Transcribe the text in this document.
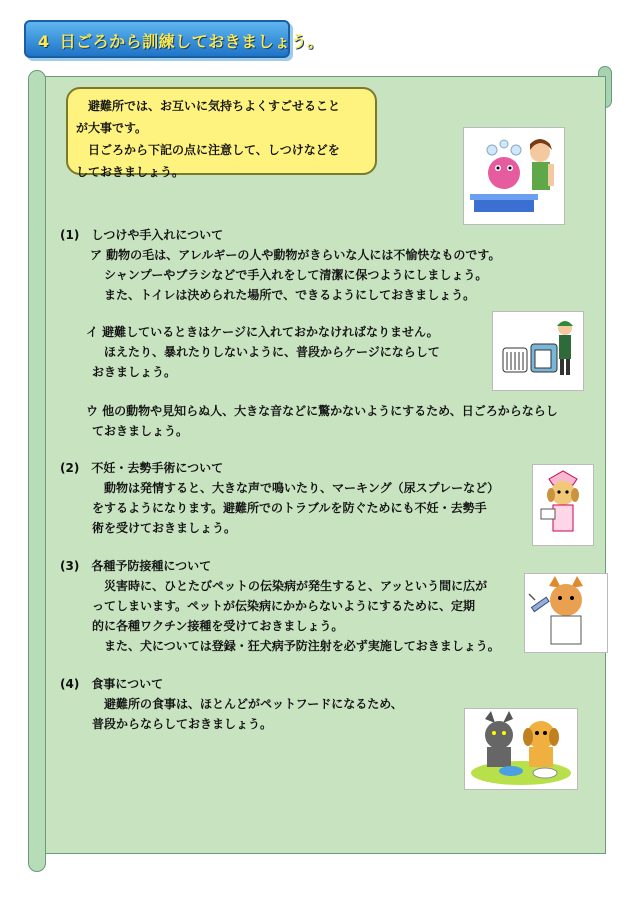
4 日ごろから訓練しておきましょう。

避難所では、お互いに気持ちよくすごせること

が大事です。

日ごろから下記の点に注意して、しつけなどを

しておきましょう。

(1)　しつけや手入れについて
ア 動物の毛は、アレルギーの人や動物がきらいな人には不愉快なものです。
シャンプーやブラシなどで手入れをして清潔に保つようにしましょう。
また、トイレは決められた場所で、できるようにしておきましょう。
イ 避難しているときはケージに入れておかなければなりません。
ほえたり、暴れたりしないように、普段からケージにならして
おきましょう。
ウ 他の動物や見知らぬ人、大きな音などに驚かないようにするため、日ごろからならし
ておきましょう。
(2)　不妊・去勢手術について
動物は発情すると、大きな声で鳴いたり、マーキング（尿スプレーなど）
をするようになります。避難所でのトラブルを防ぐためにも不妊・去勢手
術を受けておきましょう。
(3)　各種予防接種について
災害時に、ひとたびペットの伝染病が発生すると、アッという間に広が
ってしまいます。ペットが伝染病にかからないようにするために、定期
的に各種ワクチン接種を受けておきましょう。
また、犬については登録・狂犬病予防注射を必ず実施しておきましょう。
(4)　食事について
避難所の食事は、ほとんどがペットフードになるため、
普段からならしておきましょう。
